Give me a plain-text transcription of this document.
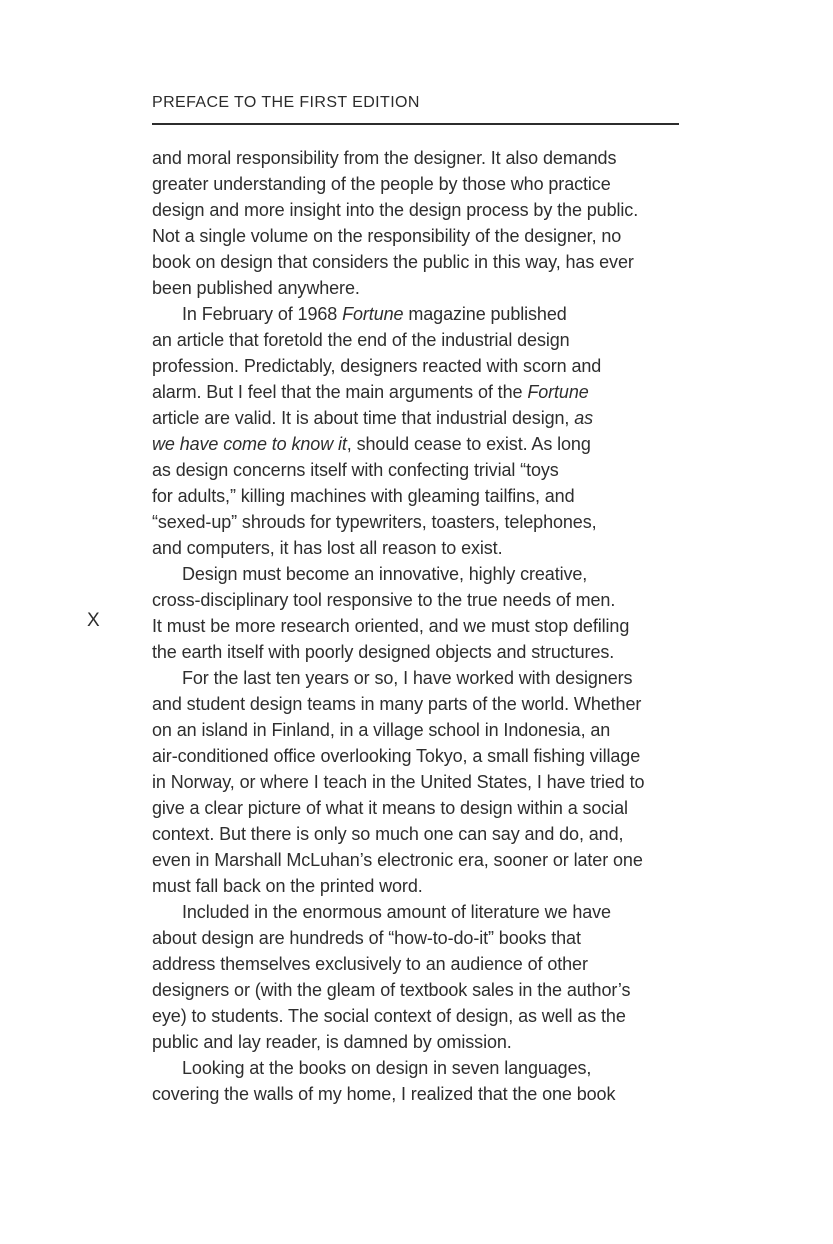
PREFACE TO THE FIRST EDITION
X

and moral responsibility from the designer. It also demands
greater understanding of the people by those who practice
design and more insight into the design process by the public.
Not a single volume on the responsibility of the designer, no
book on design that considers the public in this way, has ever
been published anywhere.

In February of 1968 Fortune magazine published
an article that foretold the end of the industrial design
profession. Predictably, designers reacted with scorn and
alarm. But I feel that the main arguments of the Fortune
article are valid. It is about time that industrial design, as
we have come to know it, should cease to exist. As long
as design concerns itself with confecting trivial “toys
for adults,” killing machines with gleaming tailfins, and
“sexed-up” shrouds for typewriters, toasters, telephones,
and computers, it has lost all reason to exist.

Design must become an innovative, highly creative,
cross-disciplinary tool responsive to the true needs of men.
It must be more research oriented, and we must stop defiling
the earth itself with poorly designed objects and structures.

For the last ten years or so, I have worked with designers
and student design teams in many parts of the world. Whether
on an island in Finland, in a village school in Indonesia, an
air-conditioned office overlooking Tokyo, a small fishing village
in Norway, or where I teach in the United States, I have tried to
give a clear picture of what it means to design within a social
context. But there is only so much one can say and do, and,
even in Marshall McLuhan’s electronic era, sooner or later one
must fall back on the printed word.

Included in the enormous amount of literature we have
about design are hundreds of “how-to-do-it” books that
address themselves exclusively to an audience of other
designers or (with the gleam of textbook sales in the author’s
eye) to students. The social context of design, as well as the
public and lay reader, is damned by omission.

Looking at the books on design in seven languages,
covering the walls of my home, I realized that the one book
